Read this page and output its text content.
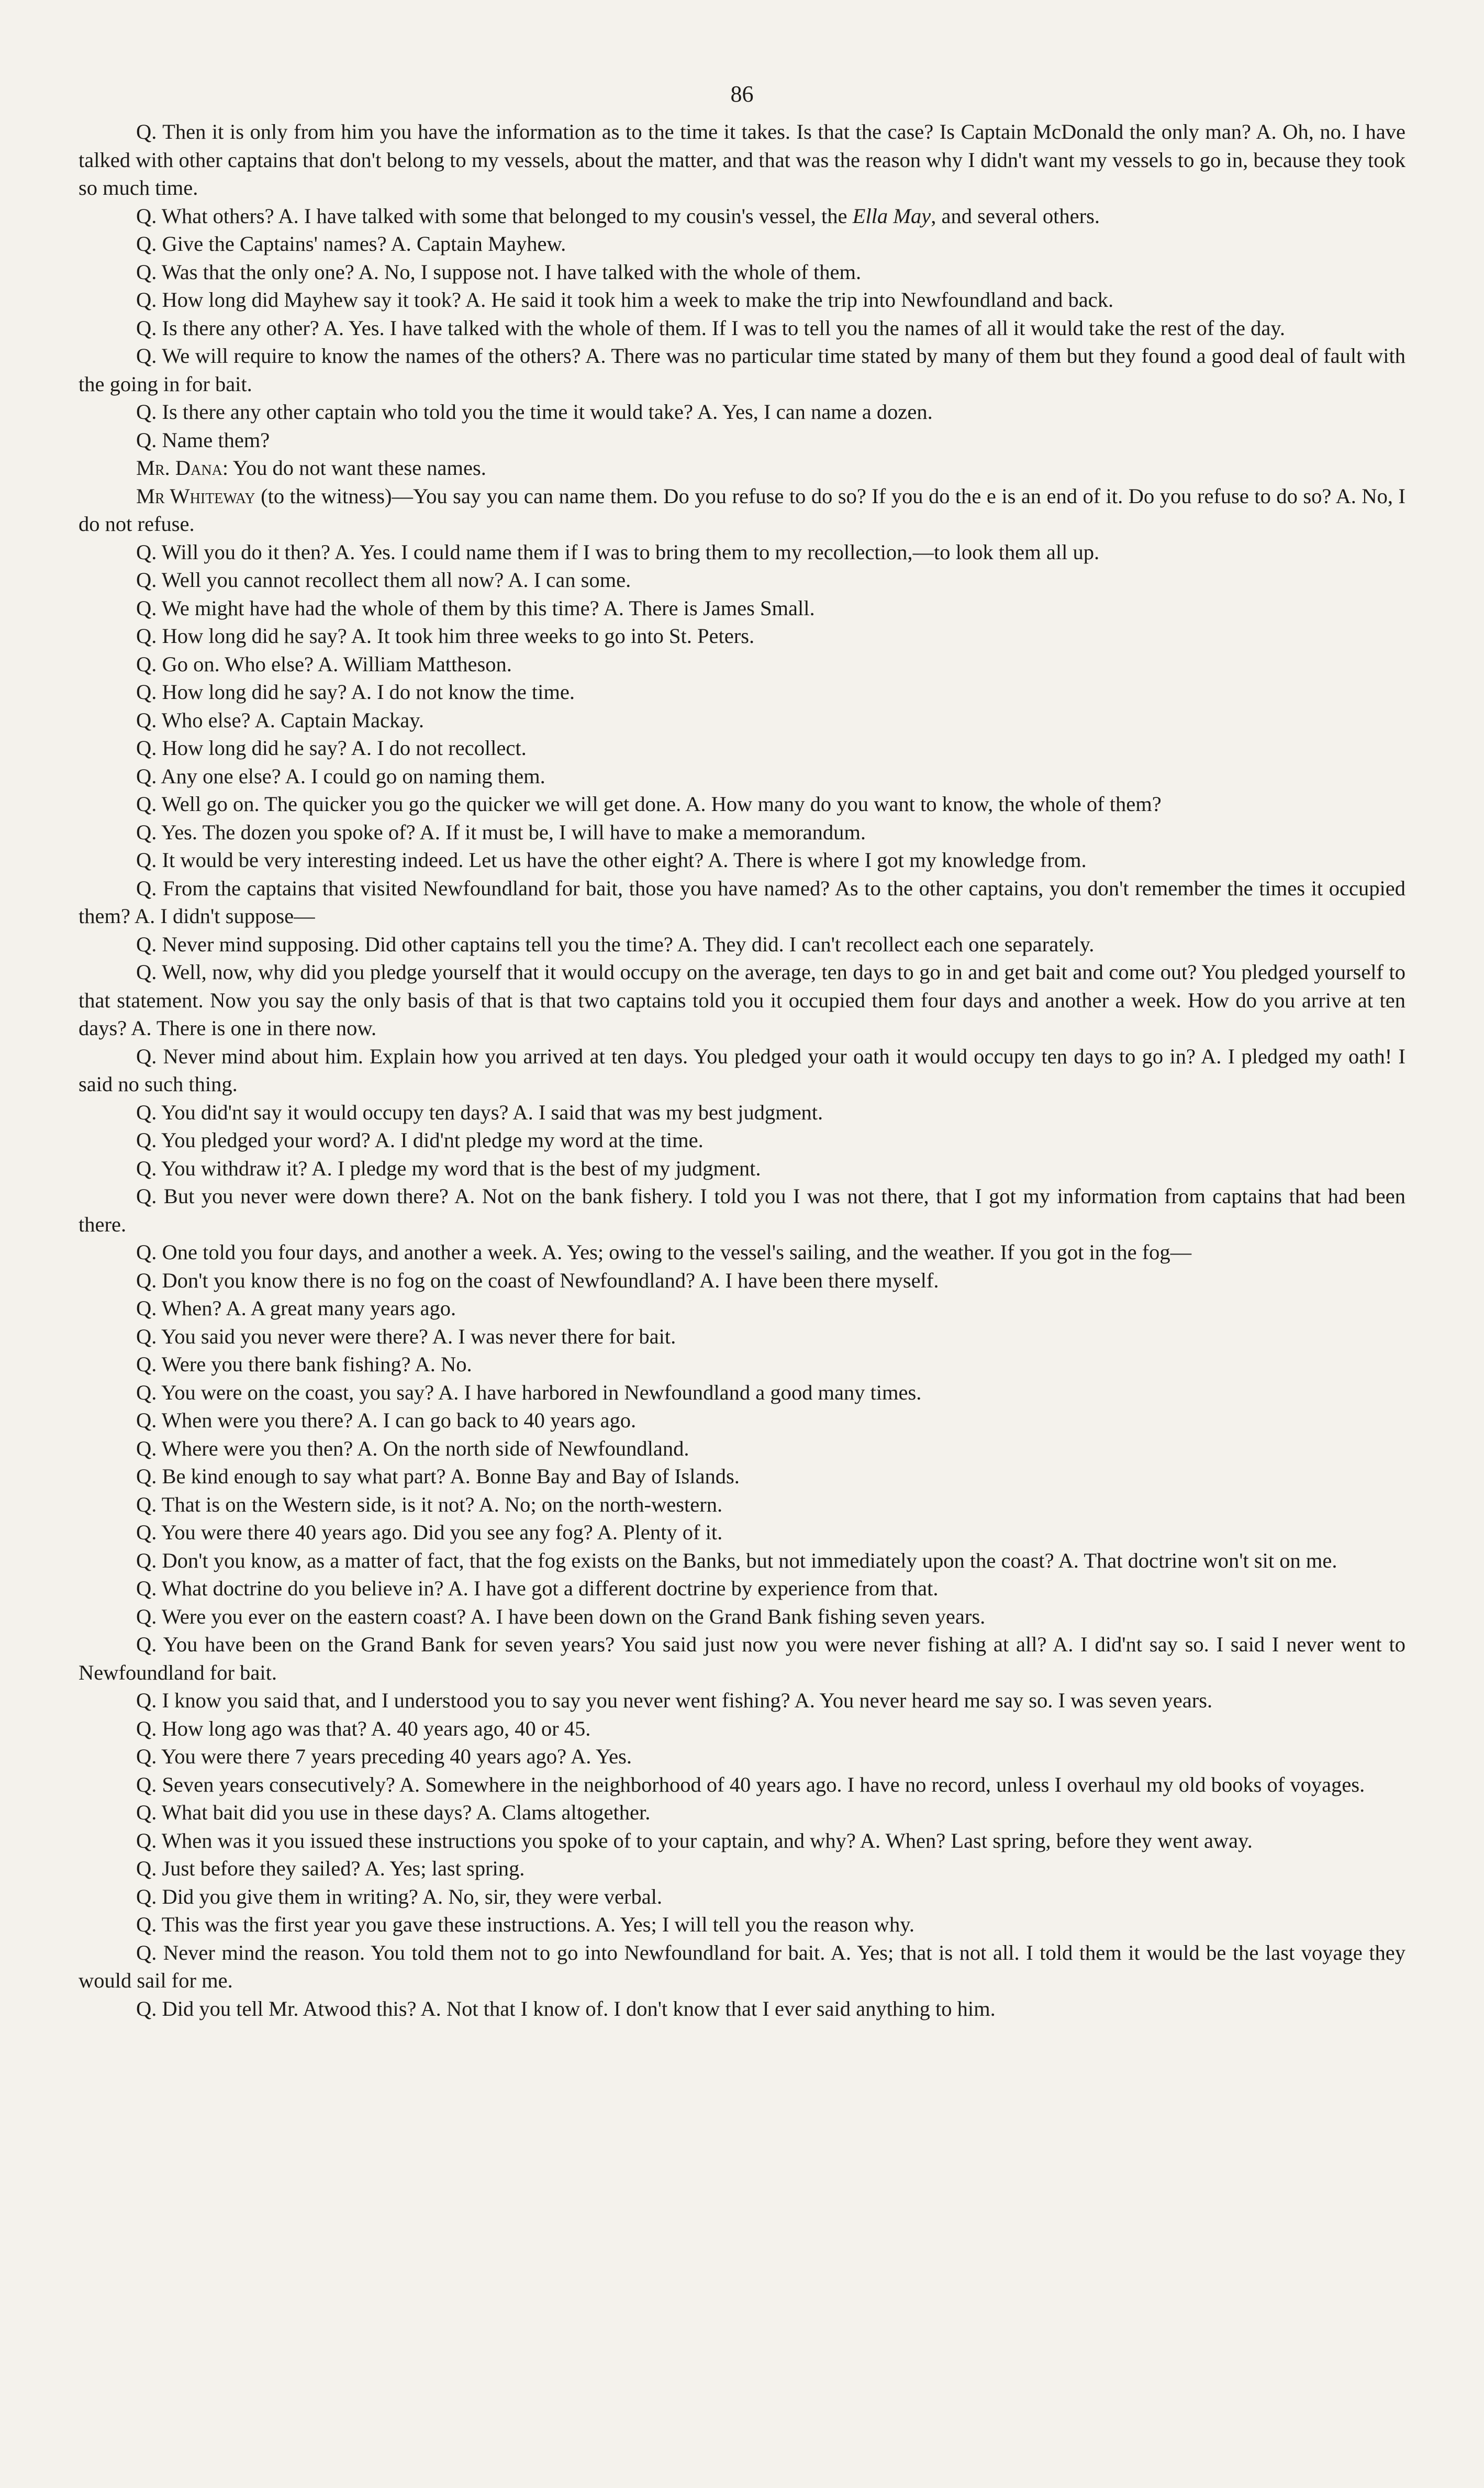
86

Q. Then it is only from him you have the information as to the time it takes. Is that the case? Is Captain McDonald the only man? A. Oh, no. I have talked with other captains that don't belong to my vessels, about the matter, and that was the reason why I didn't want my vessels to go in, because they took so much time.

Q. What others? A. I have talked with some that belonged to my cousin's vessel, the Ella May, and several others.

Q. Give the Captains' names? A. Captain Mayhew.

Q. Was that the only one? A. No, I suppose not. I have talked with the whole of them.

Q. How long did Mayhew say it took? A. He said it took him a week to make the trip into Newfoundland and back.

Q. Is there any other? A. Yes. I have talked with the whole of them. If I was to tell you the names of all it would take the rest of the day.

Q. We will require to know the names of the others? A. There was no particular time stated by many of them but they found a good deal of fault with the going in for bait.

Q. Is there any other captain who told you the time it would take? A. Yes, I can name a dozen.

Q. Name them?

Mr. Dana: You do not want these names.

Mr Whiteway (to the witness)—You say you can name them. Do you refuse to do so? If you do the e is an end of it. Do you refuse to do so? A. No, I do not refuse.

Q. Will you do it then? A. Yes. I could name them if I was to bring them to my recollection,—to look them all up.

Q. Well you cannot recollect them all now? A. I can some.

Q. We might have had the whole of them by this time? A. There is James Small.

Q. How long did he say? A. It took him three weeks to go into St. Peters.

Q. Go on. Who else? A. William Mattheson.

Q. How long did he say? A. I do not know the time.

Q. Who else? A. Captain Mackay.

Q. How long did he say? A. I do not recollect.

Q. Any one else? A. I could go on naming them.

Q. Well go on. The quicker you go the quicker we will get done. A. How many do you want to know, the whole of them?

Q. Yes. The dozen you spoke of? A. If it must be, I will have to make a memorandum.

Q. It would be very interesting indeed. Let us have the other eight? A. There is where I got my knowledge from.

Q. From the captains that visited Newfoundland for bait, those you have named? As to the other captains, you don't remember the times it occupied them? A. I didn't suppose—

Q. Never mind supposing. Did other captains tell you the time? A. They did. I can't recollect each one separately.

Q. Well, now, why did you pledge yourself that it would occupy on the average, ten days to go in and get bait and come out? You pledged yourself to that statement. Now you say the only basis of that is that two captains told you it occupied them four days and another a week. How do you arrive at ten days? A. There is one in there now.

Q. Never mind about him. Explain how you arrived at ten days. You pledged your oath it would occupy ten days to go in? A. I pledged my oath! I said no such thing.

Q. You did'nt say it would occupy ten days? A. I said that was my best judgment.

Q. You pledged your word? A. I did'nt pledge my word at the time.

Q. You withdraw it? A. I pledge my word that is the best of my judgment.

Q. But you never were down there? A. Not on the bank fishery. I told you I was not there, that I got my information from captains that had been there.

Q. One told you four days, and another a week. A. Yes; owing to the vessel's sailing, and the weather. If you got in the fog—

Q. Don't you know there is no fog on the coast of Newfoundland? A. I have been there myself.

Q. When? A. A great many years ago.

Q. You said you never were there? A. I was never there for bait.

Q. Were you there bank fishing? A. No.

Q. You were on the coast, you say? A. I have harbored in Newfoundland a good many times.

Q. When were you there? A. I can go back to 40 years ago.

Q. Where were you then? A. On the north side of Newfoundland.

Q. Be kind enough to say what part? A. Bonne Bay and Bay of Islands.

Q. That is on the Western side, is it not? A. No; on the north-western.

Q. You were there 40 years ago. Did you see any fog? A. Plenty of it.

Q. Don't you know, as a matter of fact, that the fog exists on the Banks, but not immediately upon the coast? A. That doctrine won't sit on me.

Q. What doctrine do you believe in? A. I have got a different doctrine by experience from that.

Q. Were you ever on the eastern coast? A. I have been down on the Grand Bank fishing seven years.

Q. You have been on the Grand Bank for seven years? You said just now you were never fishing at all? A. I did'nt say so. I said I never went to Newfoundland for bait.

Q. I know you said that, and I understood you to say you never went fishing? A. You never heard me say so. I was seven years.

Q. How long ago was that? A. 40 years ago, 40 or 45.

Q. You were there 7 years preceding 40 years ago? A. Yes.

Q. Seven years consecutively? A. Somewhere in the neighborhood of 40 years ago. I have no record, unless I overhaul my old books of voyages.

Q. What bait did you use in these days? A. Clams altogether.

Q. When was it you issued these instructions you spoke of to your captain, and why? A. When? Last spring, before they went away.

Q. Just before they sailed? A. Yes; last spring.

Q. Did you give them in writing? A. No, sir, they were verbal.

Q. This was the first year you gave these instructions. A. Yes; I will tell you the reason why.

Q. Never mind the reason. You told them not to go into Newfoundland for bait. A. Yes; that is not all. I told them it would be the last voyage they would sail for me.

Q. Did you tell Mr. Atwood this? A. Not that I know of. I don't know that I ever said anything to him.
